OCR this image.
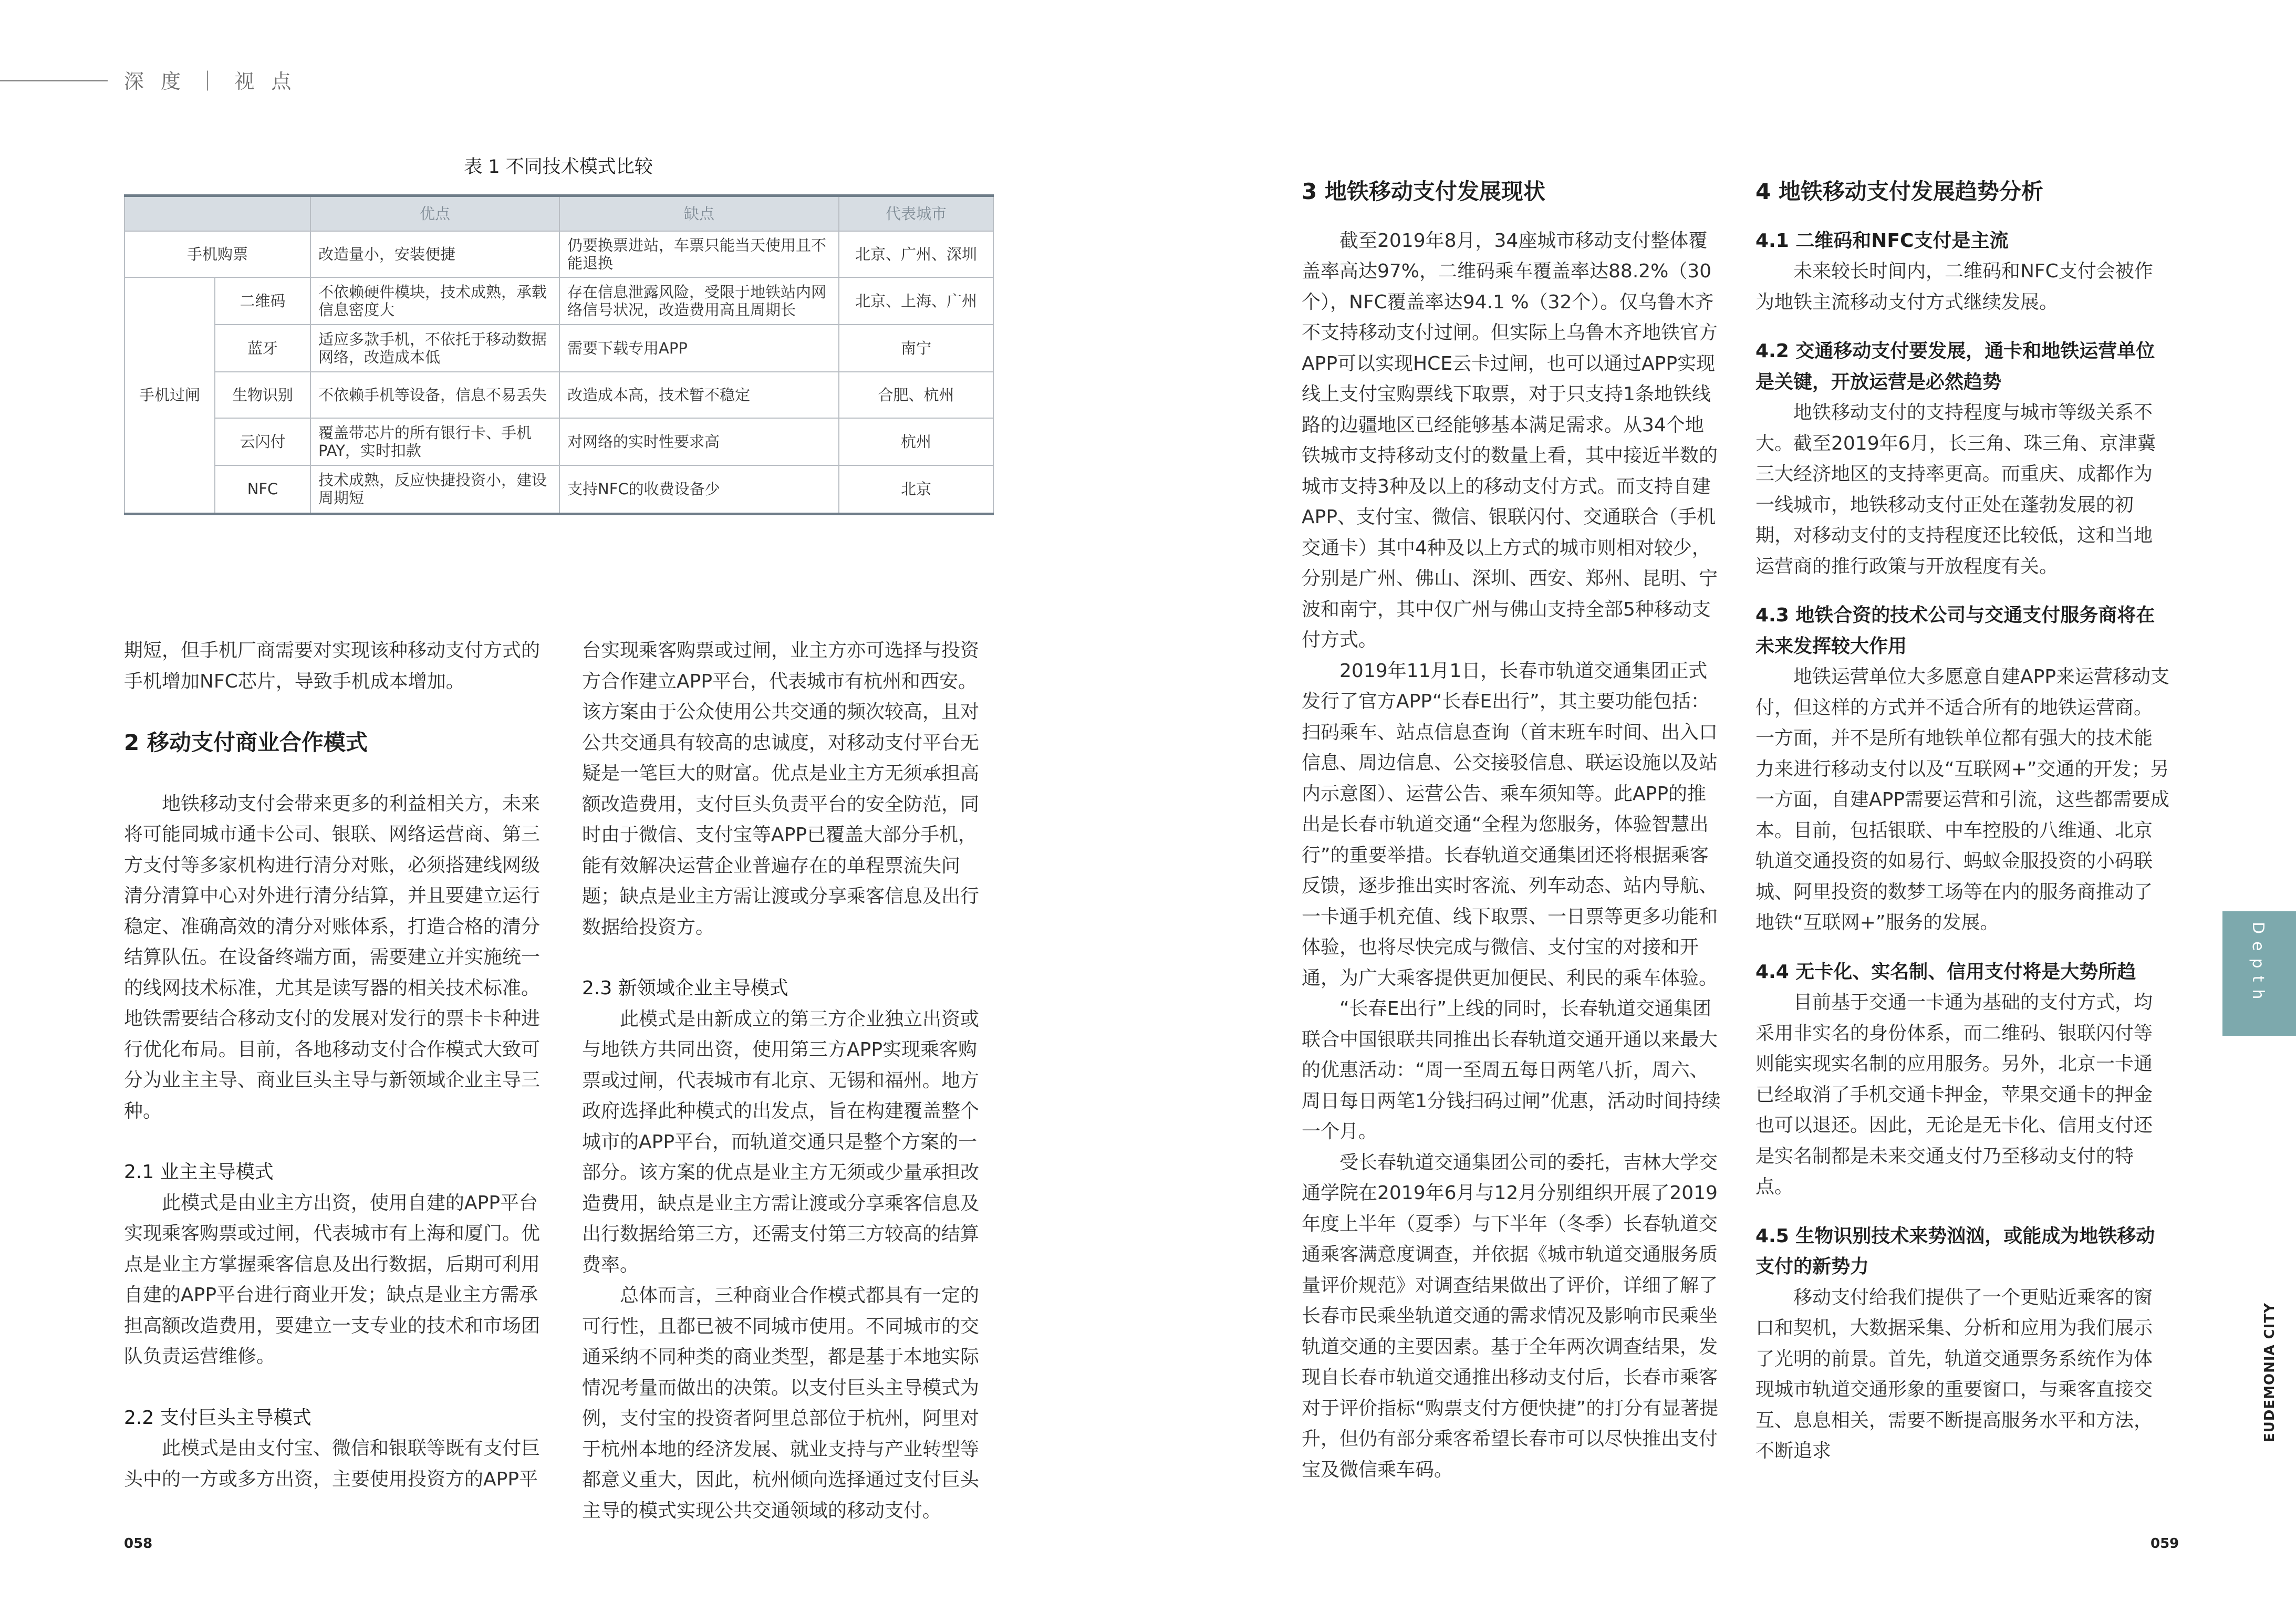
深 度 ｜ 视 点
表 1 不同技术模式比较
		优点	缺点	代表城市
手机购票		改造量小，安装便捷	仍要换票进站，车票只能当天使用且不能退换	北京、广州、深圳
手机过闸	二维码	不依赖硬件模块，技术成熟，承载信息密度大	存在信息泄露风险，受限于地铁站内网络信号状况，改造费用高且周期长	北京、上海、广州
	蓝牙	适应多款手机，不依托于移动数据网络，改造成本低	需要下载专用APP	南宁
	生物识别	不依赖手机等设备，信息不易丢失	改造成本高，技术暂不稳定	合肥、杭州
	云闪付	覆盖带芯片的所有银行卡、手机PAY，实时扣款	对网络的实时性要求高	杭州
	NFC	技术成熟，反应快捷投资小，建设周期短	支持NFC的收费设备少	北京

期短，但手机厂商需要对实现该种移动支付方式的手机增加NFC芯片，导致手机成本增加。

2 移动支付商业合作模式

地铁移动支付会带来更多的利益相关方，未来将可能同城市通卡公司、银联、网络运营商、第三方支付等多家机构进行清分对账，必须搭建线网级清分清算中心对外进行清分结算，并且要建立运行稳定、准确高效的清分对账体系，打造合格的清分结算队伍。在设备终端方面，需要建立并实施统一的线网技术标准，尤其是读写器的相关技术标准。地铁需要结合移动支付的发展对发行的票卡卡种进行优化布局。目前，各地移动支付合作模式大致可分为业主主导、商业巨头主导与新领域企业主导三种。

2.1 业主主导模式

此模式是由业主方出资，使用自建的APP平台实现乘客购票或过闸，代表城市有上海和厦门。优点是业主方掌握乘客信息及出行数据，后期可利用自建的APP平台进行商业开发；缺点是业主方需承担高额改造费用，要建立一支专业的技术和市场团队负责运营维修。

2.2 支付巨头主导模式

此模式是由支付宝、微信和银联等既有支付巨头中的一方或多方出资，主要使用投资方的APP平

台实现乘客购票或过闸，业主方亦可选择与投资方合作建立APP平台，代表城市有杭州和西安。该方案由于公众使用公共交通的频次较高，且对公共交通具有较高的忠诚度，对移动支付平台无疑是一笔巨大的财富。优点是业主方无须承担高额改造费用，支付巨头负责平台的安全防范，同时由于微信、支付宝等APP已覆盖大部分手机，能有效解决运营企业普遍存在的单程票流失问题；缺点是业主方需让渡或分享乘客信息及出行数据给投资方。

2.3 新领域企业主导模式

此模式是由新成立的第三方企业独立出资或与地铁方共同出资，使用第三方APP实现乘客购票或过闸，代表城市有北京、无锡和福州。地方政府选择此种模式的出发点，旨在构建覆盖整个城市的APP平台，而轨道交通只是整个方案的一部分。该方案的优点是业主方无须或少量承担改造费用，缺点是业主方需让渡或分享乘客信息及出行数据给第三方，还需支付第三方较高的结算费率。

总体而言，三种商业合作模式都具有一定的可行性，且都已被不同城市使用。不同城市的交通采纳不同种类的商业类型，都是基于本地实际情况考量而做出的决策。以支付巨头主导模式为例，支付宝的投资者阿里总部位于杭州，阿里对于杭州本地的经济发展、就业支持与产业转型等都意义重大，因此，杭州倾向选择通过支付巨头主导的模式实现公共交通领域的移动支付。

3 地铁移动支付发展现状

截至2019年8月，34座城市移动支付整体覆盖率高达97%，二维码乘车覆盖率达88.2%（30个），NFC覆盖率达94.1 %（32个）。仅乌鲁木齐不支持移动支付过闸。但实际上乌鲁木齐地铁官方APP可以实现HCE云卡过闸，也可以通过APP实现线上支付宝购票线下取票，对于只支持1条地铁线路的边疆地区已经能够基本满足需求。从34个地铁城市支持移动支付的数量上看，其中接近半数的城市支持3种及以上的移动支付方式。而支持自建APP、支付宝、微信、银联闪付、交通联合（手机交通卡）其中4种及以上方式的城市则相对较少，分别是广州、佛山、深圳、西安、郑州、昆明、宁波和南宁，其中仅广州与佛山支持全部5种移动支付方式。

2019年11月1日，长春市轨道交通集团正式发行了官方APP“长春E出行”，其主要功能包括：扫码乘车、站点信息查询（首末班车时间、出入口信息、周边信息、公交接驳信息、联运设施以及站内示意图）、运营公告、乘车须知等。此APP的推出是长春市轨道交通“全程为您服务，体验智慧出行”的重要举措。长春轨道交通集团还将根据乘客反馈，逐步推出实时客流、列车动态、站内导航、一卡通手机充值、线下取票、一日票等更多功能和体验，也将尽快完成与微信、支付宝的对接和开通，为广大乘客提供更加便民、利民的乘车体验。

“长春E出行”上线的同时，长春轨道交通集团联合中国银联共同推出长春轨道交通开通以来最大的优惠活动：“周一至周五每日两笔八折，周六、周日每日两笔1分钱扫码过闸”优惠，活动时间持续一个月。

受长春轨道交通集团公司的委托，吉林大学交通学院在2019年6月与12月分别组织开展了2019年度上半年（夏季）与下半年（冬季）长春轨道交通乘客满意度调查，并依据《城市轨道交通服务质量评价规范》对调查结果做出了评价，详细了解了长春市民乘坐轨道交通的需求情况及影响市民乘坐轨道交通的主要因素。基于全年两次调查结果，发现自长春市轨道交通推出移动支付后，长春市乘客对于评价指标“购票支付方便快捷”的打分有显著提升，但仍有部分乘客希望长春市可以尽快推出支付宝及微信乘车码。

4 地铁移动支付发展趋势分析
4.1 二维码和NFC支付是主流

未来较长时间内，二维码和NFC支付会被作为地铁主流移动支付方式继续发展。

4.2 交通移动支付要发展，通卡和地铁运营单位是关键，开放运营是必然趋势

地铁移动支付的支持程度与城市等级关系不大。截至2019年6月，长三角、珠三角、京津冀三大经济地区的支持率更高。而重庆、成都作为一线城市，地铁移动支付正处在蓬勃发展的初期，对移动支付的支持程度还比较低，这和当地运营商的推行政策与开放程度有关。

4.3 地铁合资的技术公司与交通支付服务商将在未来发挥较大作用

地铁运营单位大多愿意自建APP来运营移动支付，但这样的方式并不适合所有的地铁运营商。一方面，并不是所有地铁单位都有强大的技术能力来进行移动支付以及“互联网+”交通的开发；另一方面，自建APP需要运营和引流，这些都需要成本。目前，包括银联、中车控股的八维通、北京轨道交通投资的如易行、蚂蚁金服投资的小码联城、阿里投资的数梦工场等在内的服务商推动了地铁“互联网+”服务的发展。

4.4 无卡化、实名制、信用支付将是大势所趋

目前基于交通一卡通为基础的支付方式，均采用非实名的身份体系，而二维码、银联闪付等则能实现实名制的应用服务。另外，北京一卡通已经取消了手机交通卡押金，苹果交通卡的押金也可以退还。因此，无论是无卡化、信用支付还是实名制都是未来交通支付乃至移动支付的特点。

4.5 生物识别技术来势汹汹，或能成为地铁移动支付的新势力

移动支付给我们提供了一个更贴近乘客的窗口和契机，大数据采集、分析和应用为我们展示了光明的前景。首先，轨道交通票务系统作为体现城市轨道交通形象的重要窗口，与乘客直接交互、息息相关，需要不断提高服务水平和方法，不断追求

Depth
EUDEMONIA CITY
058	059
